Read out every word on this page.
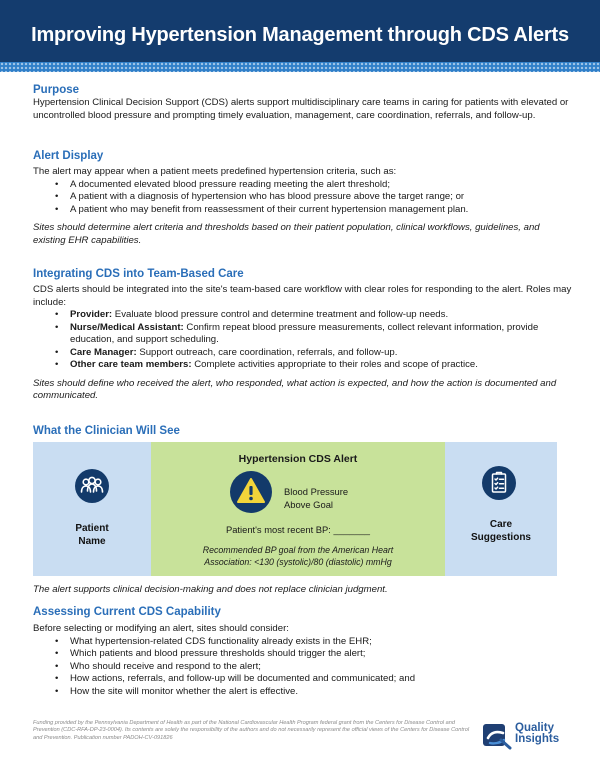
Improving Hypertension Management through CDS Alerts
Purpose
Hypertension Clinical Decision Support (CDS) alerts support multidisciplinary care teams in caring for patients with elevated or uncontrolled blood pressure and prompting timely evaluation, management, care coordination, referrals, and follow-up.
Alert Display
The alert may appear when a patient meets predefined hypertension criteria, such as:
• A documented elevated blood pressure reading meeting the alert threshold;
• A patient with a diagnosis of hypertension who has blood pressure above the target range; or
• A patient who may benefit from reassessment of their current hypertension management plan.
Sites should determine alert criteria and thresholds based on their patient population, clinical workflows, guidelines, and existing EHR capabilities.
Integrating CDS into Team-Based Care
CDS alerts should be integrated into the site's team-based care workflow with clear roles for responding to the alert. Roles may include:
• Provider: Evaluate blood pressure control and determine treatment and follow-up needs.
• Nurse/Medical Assistant: Confirm repeat blood pressure measurements, collect relevant information, provide education, and support scheduling.
• Care Manager: Support outreach, care coordination, referrals, and follow-up.
• Other care team members: Complete activities appropriate to their roles and scope of practice.
Sites should define who received the alert, who responded, what action is expected, and how the action is documented and communicated.
What the Clinician Will See
Patient
Name
Hypertension CDS Alert
Blood Pressure
Above Goal
Patient's most recent BP: _______
Recommended BP goal from the American Heart
Association: <130 (systolic)/80 (diastolic) mmHg
Care
Suggestions
The alert supports clinical decision-making and does not replace clinician judgment.
Assessing Current CDS Capability
Before selecting or modifying an alert, sites should consider:
• What hypertension-related CDS functionality already exists in the EHR;
• Which patients and blood pressure thresholds should trigger the alert;
• Who should receive and respond to the alert;
• How actions, referrals, and follow-up will be documented and communicated; and
• How the site will monitor whether the alert is effective.
Funding provided by the Pennsylvania Department of Health as part of the National Cardiovascular Health Program federal grant from the Centers for Disease Control and Prevention (CDC-RFA-DP-23-0004). Its contents are solely the responsibility of the authors and do not necessarily represent the official views of the Centers for Disease Control and Prevention. Publication number PADOH-CV-091826
Quality
Insights
